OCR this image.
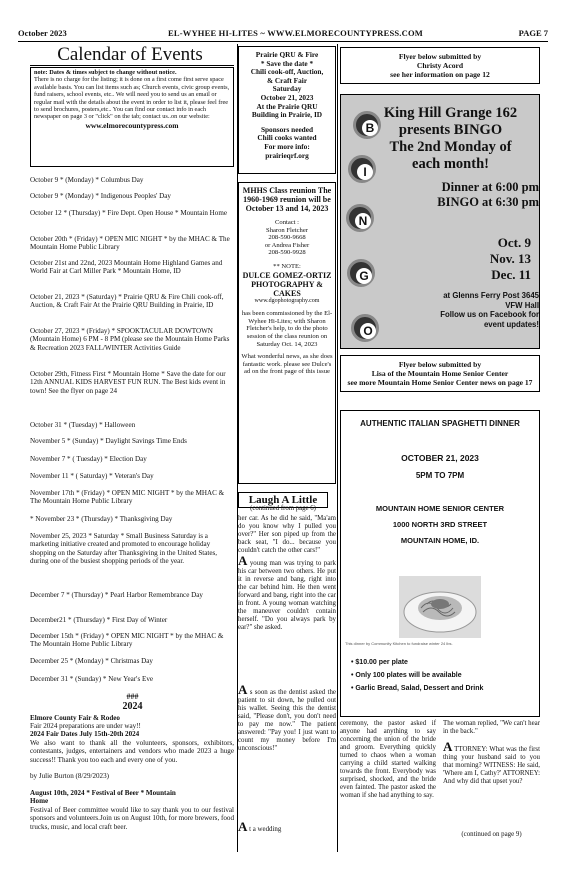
October 2023	EL-WYHEE HI-LITES ~ WWW.ELMORECOUNTYPRESS.COM	PAGE 7
Calendar of Events
note: Dates & times subject to change without notice.
There is no charge for the listing; it is done on a first come first serve space available basis. You can list items such as; Church events, civic group events, fund raisers, school events, etc.. We will need you to send us an email or regular mail with the details about the event in order to list it, please feel free to send brochures, posters,etc.. You can find our contact info in each newspaper on page 3 or "click" on the tab; contact us..on our website:
www.elmorecountypress.com
October 9 * (Monday) * Columbus Day
October 9 * (Monday) * Indigenous Peoples' Day
October 12 * (Thursday) * Fire Dept. Open House * Mountain Home
October 20th * (Friday) * OPEN MIC NIGHT * by the MHAC & The Mountain Home Public Library
October 21st and 22nd, 2023 Mountain Home Highland Games and World Fair at Carl Miller Park * Mountain Home, ID
October 21, 2023 * (Saturday) * Prairie QRU & Fire Chili cook-off, Auction, & Craft Fair At the Prairie QRU Building in Prairie, ID
October 27, 2023 * (Friday) * SPOOKTACULAR DOWTOWN (Mountain Home) 6 PM - 8 PM (please see the Mountain Home Parks & Recreation 2023 FALL/WINTER Activities Guide
October 29th, Fitness First * Mountain Home * Save the date for our 12th ANNUAL KIDS HARVEST FUN RUN. The Best kids event in town! See the flyer on page 24
October 31 * (Tuesday) * Halloween
November 5 * (Sunday) * Daylight Savings Time Ends
November 7 * ( Tuesday) * Election Day
November 11 * ( Saturday) * Veteran's Day
November 17th * (Friday) * OPEN MIC NIGHT * by the MHAC & The Mountain Home Public Library
* November 23 * (Thursday) * Thanksgiving Day
November 25, 2023 * Saturday * Small Business Saturday is a marketing initiative created and promoted to encourage holiday shopping on the Saturday after Thanksgiving in the United States, during one of the busiest shopping periods of the year.
December 7 * (Thursday) * Pearl Harbor Remembrance Day
December21 * (Thursday) * First Day of Winter
December 15th * (Friday) * OPEN MIC NIGHT * by the MHAC & The Mountain Home Public Library
December 25 * (Monday) * Christmas Day
December 31 * (Sunday) * New Year's Eve
###
2024
Elmore County Fair & Rodeo
Fair 2024 preparations are under way!!
2024 Fair Dates July 15th-20th 2024
We also want to thank all the volunteers, sponsors, exhibitors, contestants, judges, entertainers and vendors who made 2023 a huge success!! Thank you too each and every one of you.
by Julie Burton (8/29/2023)
August 10th, 2024 * Festival of Beer * Mountain Home
Festival of Beer committee would like to say thank you to our festival sponsors and volunteers.Join us on August 10th, for more brewers, food trucks, music, and local craft beer.
Prairie QRU & Fire
* Save the date *
Chili cook-off, Auction,
& Craft Fair
Saturday
October 21, 2023
At the Prairie QRU
Building in Prairie, ID
Sponsors needed
Chili cooks wanted
For more info:
prairieqrf.org
MHHS Class reunion The 1960-1969 reunion will be October 13 and 14, 2023
Contact :
Sharon Fletcher
208-590-9668
or Andrea Fisher
208-590-9928
** NOTE:
DULCE GOMEZ-ORTIZ PHOTOGRAPHY & CAKES
www.dgophotography.com
has been commissioned by the El-Wyhee Hi-Lites; with Sharon Fletcher's help, to do the photo session of the class reunion on Saturday Oct. 14, 2023
What wonderful news, as she does fantastic work. please see Dulce's ad on the front page of this issue
Laugh A Little
(continued from page 6)
her car. As he did he said, "Ma'am do you know why I pulled you over?" Her son piped up from the back seat, "I do... because you couldn't catch the other cars!"
A young man was trying to park his car between two others. He put it in reverse and bang, right into the car behind him. He then went forward and bang, right into the car in front. A young woman watching the maneuver couldn't contain herself. "Do you always park by ear?" she asked.
A s soon as the dentist asked the patient to sit down, he pulled out his wallet. Seeing this the dentist said, "Please don't, you don't need to pay me now." The patient answered: "Pay you! I just want to count my money before I'm unconscious!"
A t a wedding
ceremony, the pastor asked if anyone had anything to say concerning the union of the bride and groom. Everything quickly turned to chaos when a woman carrying a child started walking towards the front. Everybody was surprised, shocked, and the bride even fainted. The pastor asked the woman if she had anything to say.
The woman replied, "We can't hear in the back."
A TTORNEY: What was the first thing your husband said to you that morning? WITNESS: He said, 'Where am I, Cathy?' ATTORNEY: And why did that upset you?
(continued on page 9)
Flyer below submitted by
Christy Acord
see her information on page 12
King Hill Grange 162
presents BINGO
The 2nd Monday of
each month!
B
I
N
G
O
Dinner at 6:00 pm
BINGO at 6:30 pm
Oct. 9
Nov. 13
Dec. 11
at Glenns Ferry Post 3645
VFW Hall
Follow us on Facebook for
event updates!
Flyer below submitted by
Lisa of the Mountain Home Senior Center
see more Mountain Home Senior Center news on page 17
AUTHENTIC ITALIAN SPAGHETTI DINNER
OCTOBER 21, 2023
5PM TO 7PM
MOUNTAIN HOME SENIOR CENTER
1000 NORTH 3RD STREET
MOUNTAIN HOME, ID.
This dinner by Community Kitchen to fundraise winter 24 lbs.
• $10.00 per plate
• Only 100 plates will be available
• Garlic Bread, Salad, Dessert and Drink
